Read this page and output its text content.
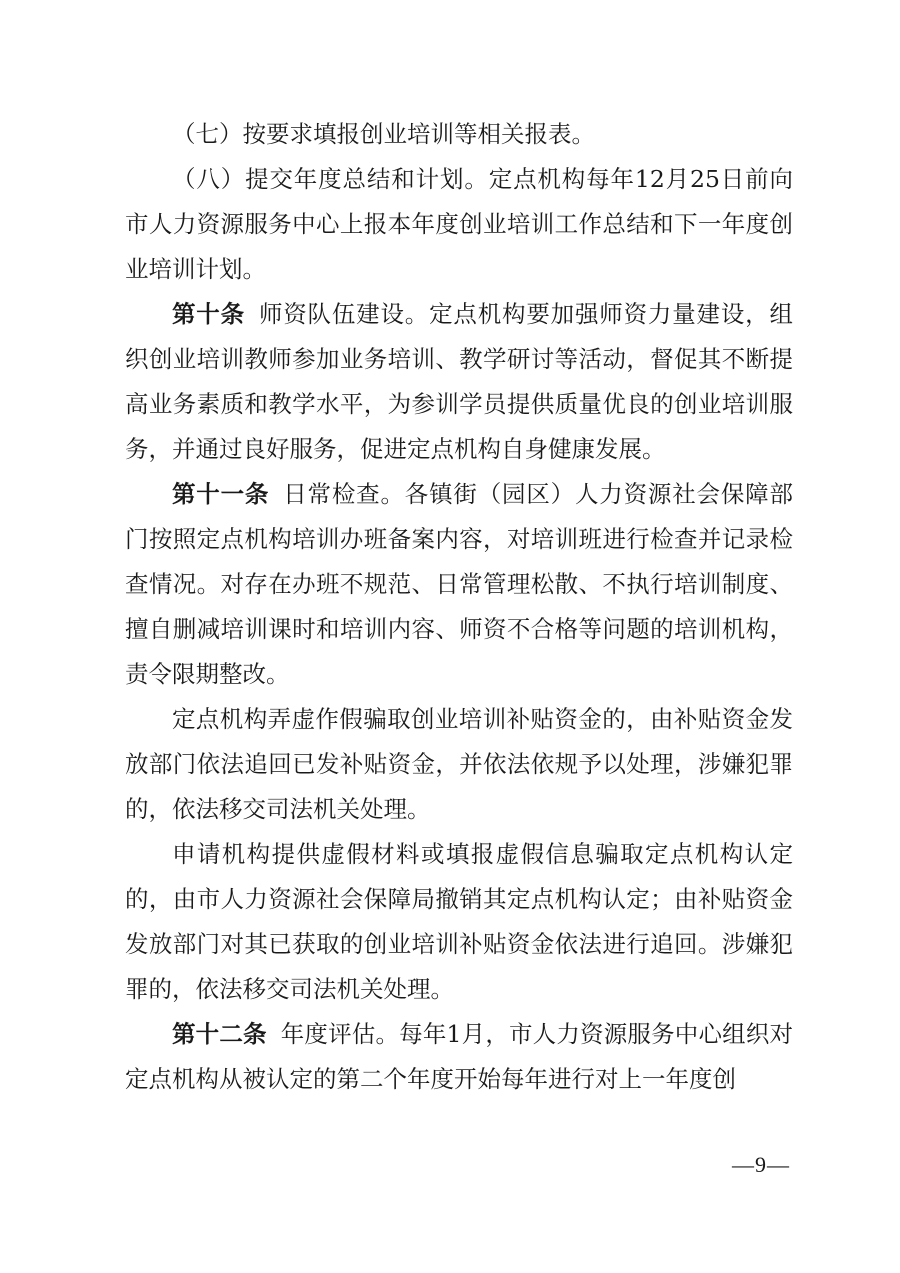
（七）按要求填报创业培训等相关报表。

（八）提交年度总结和计划。定点机构每年12月25日前向市人力资源服务中心上报本年度创业培训工作总结和下一年度创业培训计划。

第十条 师资队伍建设。定点机构要加强师资力量建设，组织创业培训教师参加业务培训、教学研讨等活动，督促其不断提高业务素质和教学水平，为参训学员提供质量优良的创业培训服务，并通过良好服务，促进定点机构自身健康发展。

第十一条 日常检查。各镇街（园区）人力资源社会保障部门按照定点机构培训办班备案内容，对培训班进行检查并记录检查情况。对存在办班不规范、日常管理松散、不执行培训制度、擅自删减培训课时和培训内容、师资不合格等问题的培训机构，责令限期整改。

定点机构弄虚作假骗取创业培训补贴资金的，由补贴资金发放部门依法追回已发补贴资金，并依法依规予以处理，涉嫌犯罪的，依法移交司法机关处理。

申请机构提供虚假材料或填报虚假信息骗取定点机构认定的，由市人力资源社会保障局撤销其定点机构认定；由补贴资金发放部门对其已获取的创业培训补贴资金依法进行追回。涉嫌犯罪的，依法移交司法机关处理。

第十二条 年度评估。每年1月，市人力资源服务中心组织对定点机构从被认定的第二个年度开始每年进行对上一年度创

—9—
